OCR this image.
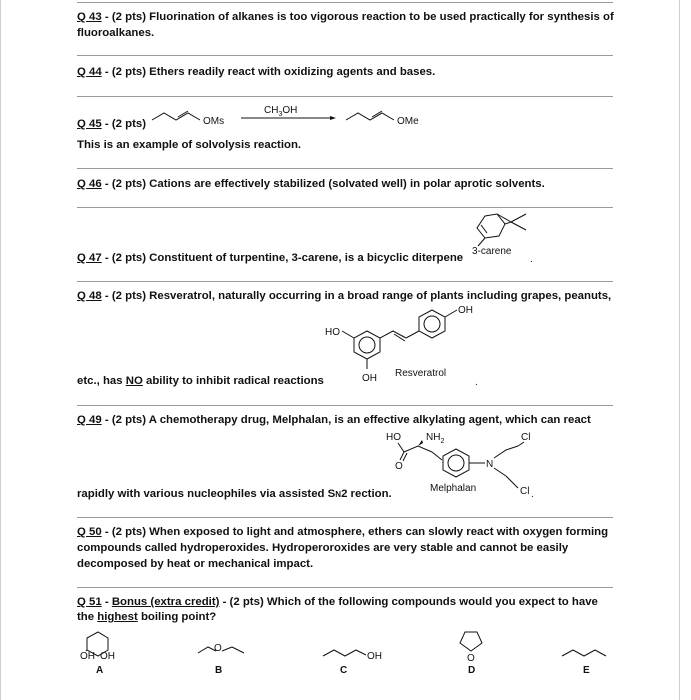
Q 43 - (2 pts) Fluorination of alkanes is too vigorous reaction to be used practically for synthesis of
fluoroalkanes.
Q 44 - (2 pts) Ethers readily react with oxidizing agents and bases.
Q 45 - (2 pts)
This is an example of solvolysis reaction.
Q 46 - (2 pts) Cations are effectively stabilized (solvated well) in polar aprotic solvents.
Q 47 - (2 pts) Constituent of turpentine, 3-carene, is a bicyclic diterpene
Q 48 - (2 pts) Resveratrol, naturally occurring in a broad range of plants including grapes, peanuts,
etc., has NO ability to inhibit radical reactions
Q 49 - (2 pts) A chemotherapy drug, Melphalan, is an effective alkylating agent, which can react
rapidly with various nucleophiles via assisted SN2 rection.
Q 50 - (2 pts) When exposed to light and atmosphere, ethers can slowly react with oxygen forming
compounds called hydroperoxides. Hydroperoroxides are very stable and cannot be easily
decomposed by heat or mechanical impact.
Q 51 - Bonus (extra credit) - (2 pts) Which of the following compounds would you expect to have
the highest boiling point?
OMs
$CH_3OH$
OMe
3-carene
.
OH
HO
OH Resveratrol
.
HO	$NH_2$	Cl
O	N
Cl
Melphalan
.
OH OH
O
OH	O
A	B	C	D	E
